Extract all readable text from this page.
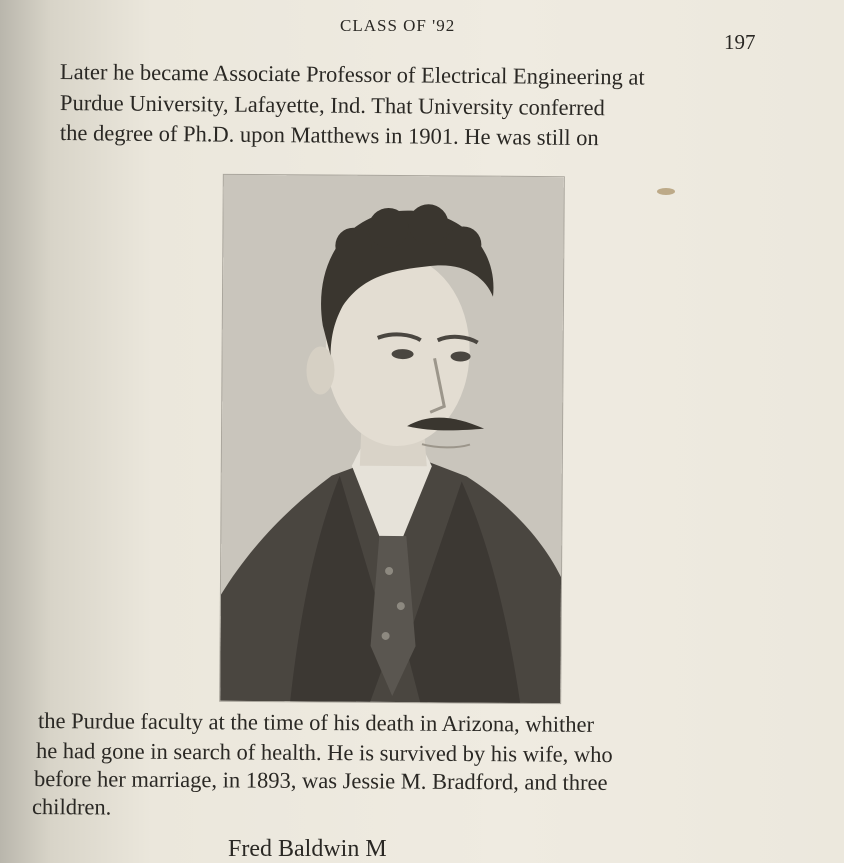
CLASS OF '92
197
Later he became Associate Professor of Electrical Engineering at
Purdue University, Lafayette, Ind. That University conferred
the degree of Ph.D. upon Matthews in 1901. He was still on
the Purdue faculty at the time of his death in Arizona, whither
he had gone in search of health. He is survived by his wife, who
before her marriage, in 1893, was Jessie M. Bradford, and three
children.
Fred Baldwin M
